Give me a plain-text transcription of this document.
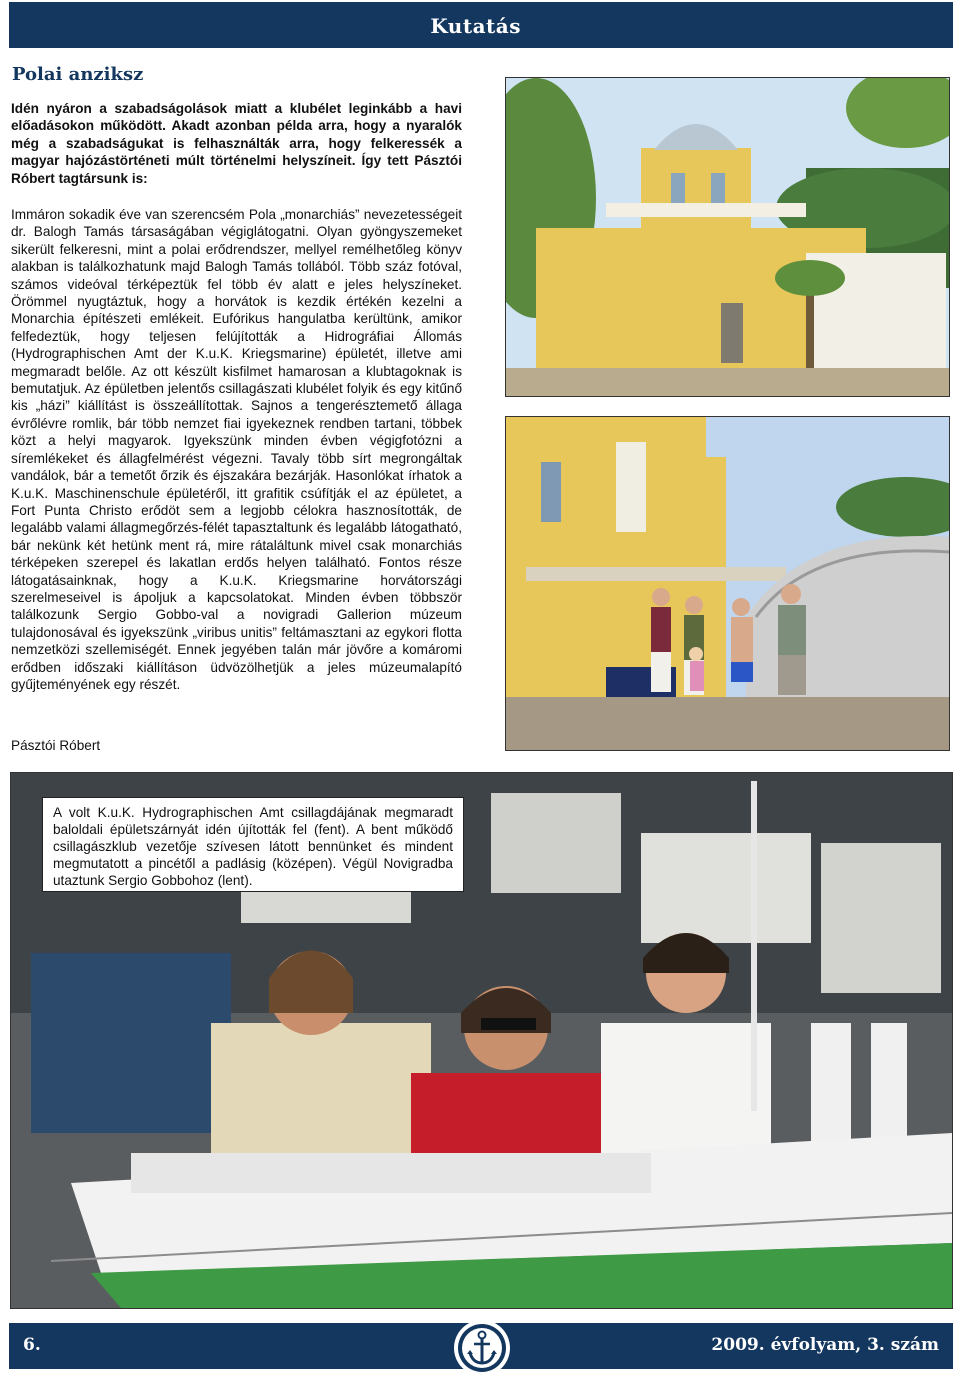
Kutatás
Polai anziksz
Idén nyáron a szabadságolások miatt a klubélet leginkább a havi előadásokon működött. Akadt azonban példa arra, hogy a nyaralók még a szabadságukat is felhasználták arra, hogy felkeressék a magyar hajózástörténeti múlt történelmi helyszíneit. Így tett Pásztói Róbert tagtársunk is:
Immáron sokadik éve van szerencsém Pola „monarchiás” nevezetességeit dr. Balogh Tamás társaságában végiglátogatni. Olyan gyöngyszemeket sikerült felkeresni, mint a polai erődrendszer, mellyel remélhetőleg könyv alakban is találkozhatunk majd Balogh Tamás tollából. Több száz fotóval, számos videóval térképeztük fel több év alatt e jeles helyszíneket. Örömmel nyugtáztuk, hogy a horvátok is kezdik értékén kezelni a Monarchia építészeti emlékeit. Eufórikus hangulatba kerültünk, amikor felfedeztük, hogy teljesen felújították a Hidrográfiai Állomás (Hydrographischen Amt der K.u.K. Kriegsmarine) épületét, illetve ami megmaradt belőle. Az ott készült kisfilmet hamarosan a klubtagoknak is bemutatjuk. Az épületben jelentős csillagászati klubélet folyik és egy kitűnő kis „házi” kiállítást is összeállítottak. Sajnos a tengerésztemető állaga évrőlévre romlik, bár több nemzet fiai igyekeznek rendben tartani, többek közt a helyi magyarok. Igyekszünk minden évben végigfotózni a síremlékeket és állagfelmérést végezni. Tavaly több sírt megrongáltak vandálok, bár a temetőt őrzik és éjszakára bezárják. Hasonlókat írhatok a K.u.K. Maschinenschule épületéről, itt grafitik csúfítják el az épületet, a Fort Punta Christo erődöt sem a legjobb célokra hasznosították, de legalább valami állagmegőrzés-félét tapasztaltunk és legalább látogatható, bár nekünk két hetünk ment rá, mire rátaláltunk mivel csak monarchiás térképeken szerepel és lakatlan erdős helyen található. Fontos része látogatásainknak, hogy a K.u.K. Kriegsmarine horvátországi szerelmeseivel is ápoljuk a kapcsolatokat. Minden évben többször találkozunk Sergio Gobbo-val a novigradi Gallerion múzeum tulajdonosával és igyekszünk „viribus unitis” feltámasztani az egykori flotta nemzetközi szellemiségét. Ennek jegyében talán már jövőre a komáromi erődben időszaki kiállításon üdvözölhetjük a jeles múzeumalapító gyűjteményének egy részét.
Pásztói Róbert
A volt K.u.K. Hydrographischen Amt csillagdájának megmaradt baloldali épületszárnyát idén újították fel (fent). A bent működő csillagászklub vezetője szívesen látott bennünket és mindent megmutatott a pincétől a padlásig (középen). Végül Novigradba utaztunk Sergio Gobbohoz (lent).
6.	2009. évfolyam, 3. szám
